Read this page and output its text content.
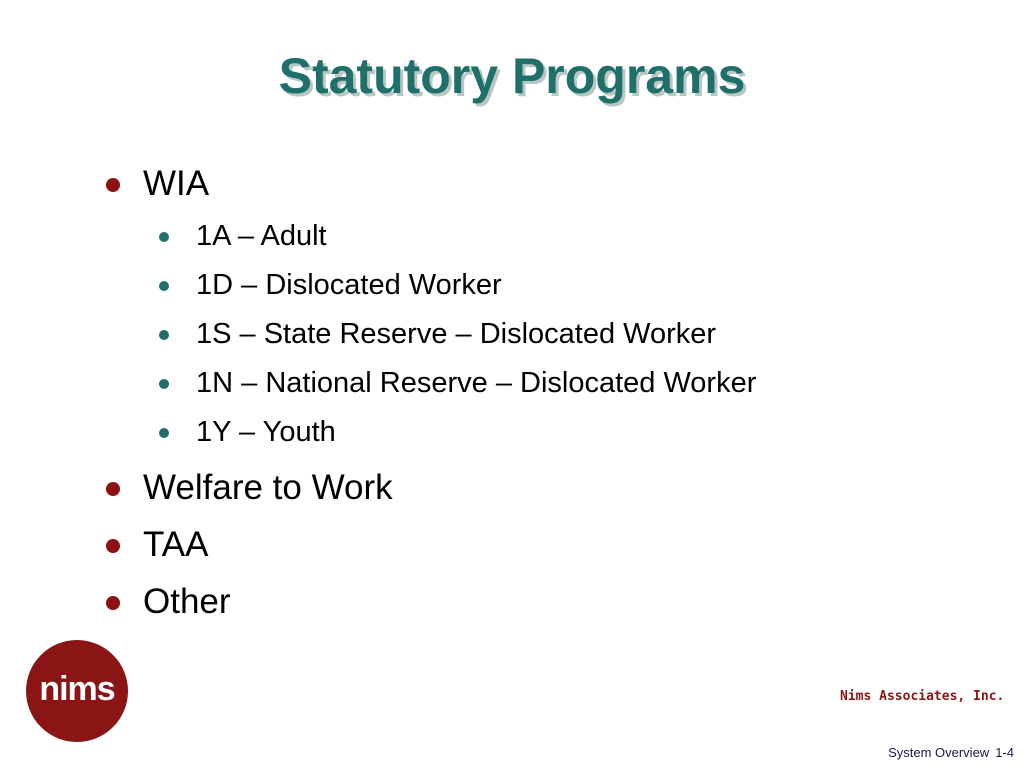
Statutory Programs
WIA
1A – Adult
1D – Dislocated Worker
1S – State Reserve – Dislocated Worker
1N – National Reserve – Dislocated Worker
1Y – Youth
Welfare to Work
TAA
Other
nims	Nims Associates, Inc.
System Overview 1-4
